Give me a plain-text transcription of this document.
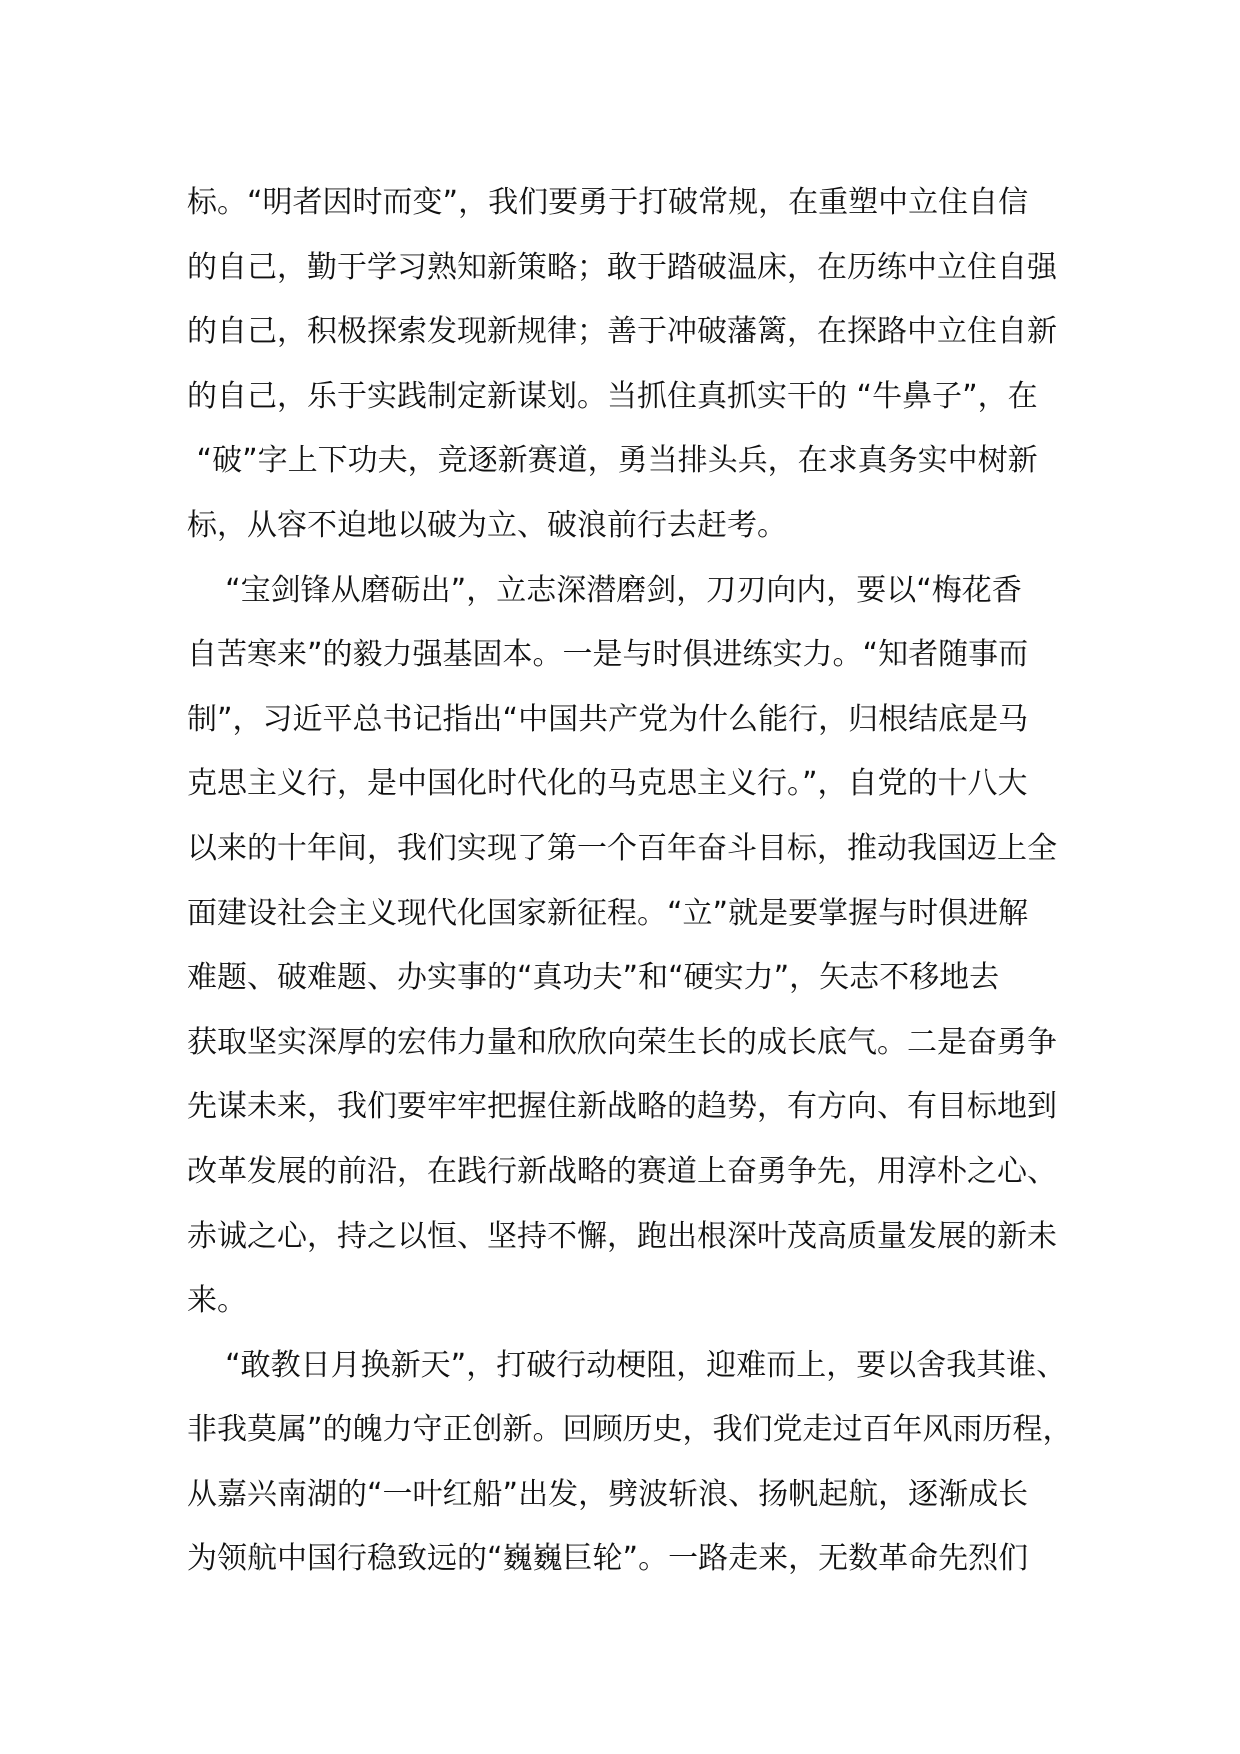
标。“明者因时而变”，我们要勇于打破常规，在重塑中立住自信
的自己，勤于学习熟知新策略；敢于踏破温床，在历练中立住自强
的自己，积极探索发现新规律；善于冲破藩篱，在探路中立住自新
的自己，乐于实践制定新谋划。当抓住真抓实干的 “牛鼻子”，在
“破”字上下功夫，竞逐新赛道，勇当排头兵，在求真务实中树新
标，从容不迫地以破为立、破浪前行去赶考。
“宝剑锋从磨砺出”，立志深潜磨剑，刀刃向内，要以“梅花香
自苦寒来”的毅力强基固本。一是与时俱进练实力。“知者随事而
制”，习近平总书记指出“中国共产党为什么能行，归根结底是马
克思主义行，是中国化时代化的马克思主义行。”，自党的十八大
以来的十年间，我们实现了第一个百年奋斗目标，推动我国迈上全
面建设社会主义现代化国家新征程。“立”就是要掌握与时俱进解
难题、破难题、办实事的“真功夫”和“硬实力”，矢志不移地去
获取坚实深厚的宏伟力量和欣欣向荣生长的成长底气。二是奋勇争
先谋未来，我们要牢牢把握住新战略的趋势，有方向、有目标地到
改革发展的前沿，在践行新战略的赛道上奋勇争先，用淳朴之心、
赤诚之心，持之以恒、坚持不懈，跑出根深叶茂高质量发展的新未
来。
“敢教日月换新天”，打破行动梗阻，迎难而上，要以舍我其谁、
非我莫属”的魄力守正创新。回顾历史，我们党走过百年风雨历程，
从嘉兴南湖的“一叶红船”出发，劈波斩浪、扬帆起航，逐渐成长
为领航中国行稳致远的“巍巍巨轮”。一路走来，无数革命先烈们
